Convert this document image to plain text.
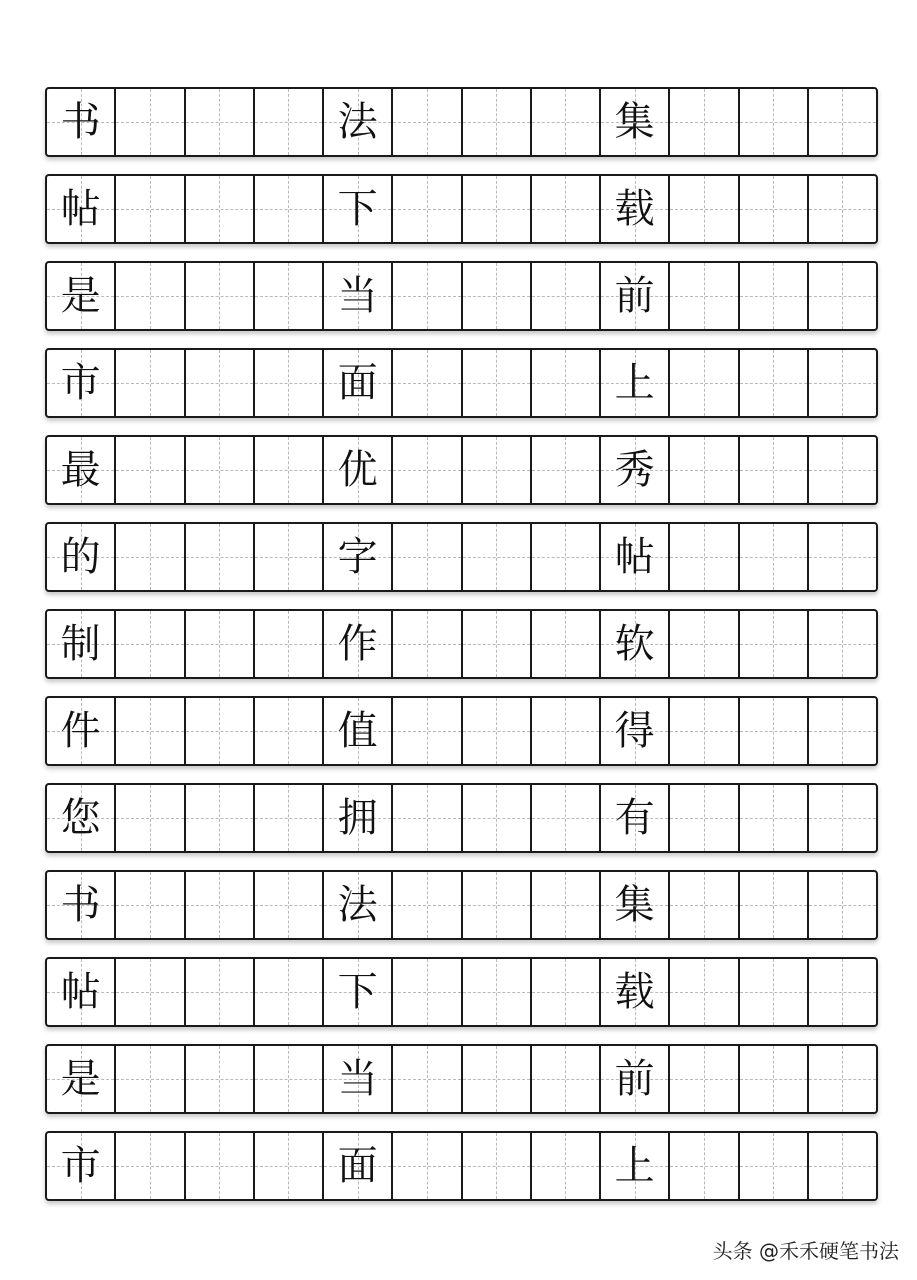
书	法	集
帖	下	载
是	当	前
市	面	上
最	优	秀
的	字	帖
制	作	软
件	值	得
您	拥	有
书	法	集
帖	下	载
是	当	前
市	面	上
头条 @禾禾硬笔书法
